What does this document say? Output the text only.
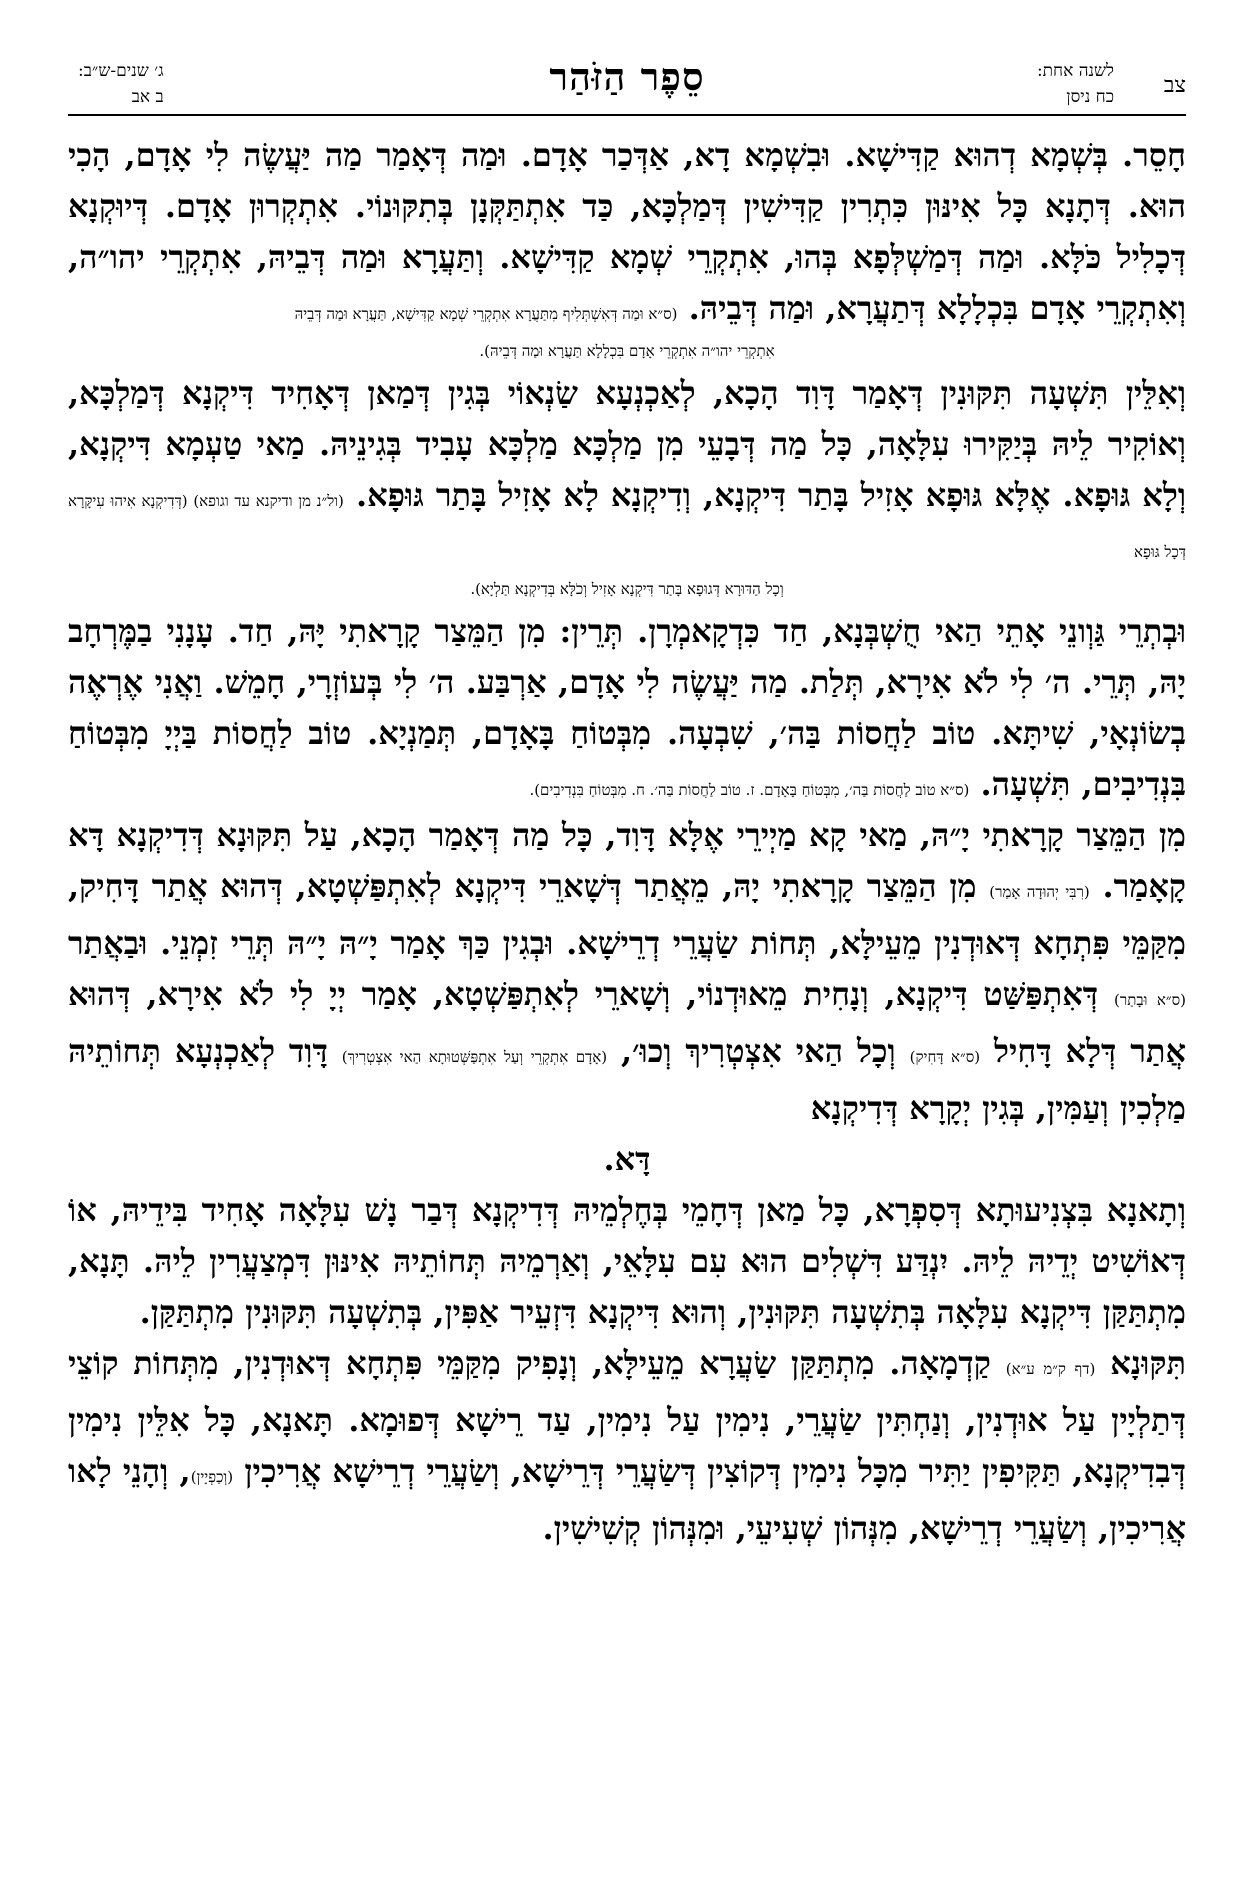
צב
לשנה אחת:
כח ניסן
סֵפֶר הַזֹּהַר
ג׳ שנים-ש״ב:
ב אב

חָסֵר. בְּשְׁמָא דְהוּא קַדִּישָׁא. וּבִשְׁמָא דָא, אַדְּכַר אָדָם. וּמַה דְּאָמַר מַה יַּעֲשֶׂה לִי אָדָם, הָכִי הוּא. דְּתָנָא כָּל אִינּוּן כִּתְרִין קַדִּישִׁין דְּמַלְכָּא, כַּד אִתְתַּקְּנָן בְּתִקּוּנוֹי. אִתְקְרוּן אָדָם. דְּיוּקְנָא דְּכָלִיל כֹּלָּא. וּמַה דְּמַשְׁלְּפָא בְּהוּ, אִתְקְרֵי שְׁמָא קַדִּישָׁא. וְתַּעֲרָא וּמַה דְּבֵיהּ, אִתְקְרֵי יהו״ה, וְאִתְקְרֵי אָדָם בִּכְלָלָא דְּתַעֲרָא, וּמַה דְּבֵיהּ. (ס״א וּמַה דְּאִשְׁתְּלִיף מִתַּעֲרָא אִתְקְרֵי שְׁמָא קַדִּישָׁא, תַּעֲרָא וּמַה דְּבֵיהּ

אִתְקְרֵי יהו״ה אִתְקְרֵי אָדָם בִּכְלָלָא תַּעֲרָא וּמַה דְּבֵיהּ).

וְאִלֵּין תִּשְׁעָה תִּקּוּנִין דְּאָמַר דָּוִד הָכָא, לְאַכְנְעָא שַׂנְאוֹי בְּגִין דְּמַאן דְּאָחִיד דִּיקְנָא דְּמַלְכָּא, וְאוֹקִיר לֵיהּ בְּיַקִּירוּ עִלָּאָה, כָּל מַה דְּבָעֵי מִן מַלְכָּא מַלְכָּא עָבִיד בְּגִינֵיהּ. מַאי טַעְמָא דִּיקְנָא, וְלָא גּוּפָא. אֶלָּא גּוּפָא אָזִיל בָּתַר דִּיקְנָא, וְדִיקְנָא לָא אָזִיל בָּתַר גּוּפָא. (ול״נ מן ודיקנא עד וגופא) (דְּדִיקְנָא אִיהוּ עִיקָּרָא דְּכָל גּוּפָא

וְכָל הַדּוּרָא דְּגוּפָא בָּתַר דִּיקְנָא אָזִיל וְכֹלָּא בְּדִיקְנָא תַּלְיָא).

וּבְתְרֵי גַּוְונֵי אָתֵי הַאי חֻשְׁבְּנָא, חַד כִּדְקָאמְרָן. תְּרֵין: מִן הַמֵּצַר קָרָאתִי יָּהּ, חַד. עָנָנִי בַמֶּרְחָב יָהּ, תְּרֵי. ה׳ לִי לֹא אִירָא, תְּלַת. מַה יַּעֲשֶׂה לִי אָדָם, אַרְבַּע. ה׳ לִי בְּעוֹזְרָי, חָמֵשׁ. וַאֲנִי אֶרְאֶה בְשׂוֹנְאָי, שִׁיתָּא. טוֹב לַחֲסוֹת בַּה׳, שִׁבְעָה. מִבְּטוֹחַ בָּאָדָם, תְּמַנְיָא. טוֹב לַחֲסוֹת בַּיְיָ מִבְּטוֹחַ בִּנְדִיבִים, תִּשְׁעָה. (ס״א טוֹב לַחֲסוֹת בַּה׳, מִבְּטוֹחַ בָּאָדָם. ז. טוֹב לַחֲסוֹת בַּה׳. ח. מִבְּטוֹחַ בִּנְדִיבִים).

מִן הַמֵּצַר קָרָאתִי יָ״הּ, מַאי קָא מַיְירֵי אֶלָּא דָּוִד, כָּל מַה דְּאָמַר הָכָא, עַל תִּקּוּנָא דְּדִיקְנָא דָּא קָאָמַר. (רִבִּי יְהוּדָה אָמַר) מִן הַמֵּצַר קָרָאתִי יָהּ, מֵאֲתַר דְּשָׁארֵי דִּיקְנָא לְאִתְפַּשְׁטָא, דְּהוּא אֲתַר דָּחִיק, מִקַּמֵּי פִּתְחָא דְּאוּדְנִין מֵעֵילָּא, תְּחוֹת שַׂעֲרֵי דְרֵישָׁא. וּבְגִין כַּךְ אָמַר יָ״הּ יָ״הּ תְּרֵי זִמְנֵי. וּבַאֲתַר (ס״א וּבָתַר) דְּאִתְפַּשַּׁט דִּיקְנָא, וְנָחִית מֵאוּדְנוֹי, וְשָׁארֵי לְאִתְפַּשְׁטָא, אָמַר יְיָ לִי לֹא אִירָא, דְּהוּא אֲתַר דְּלָא דָּחִיל (ס״א דָּחִיק) וְכָל הַאי אִצְטְרִיךְ וְכוּ׳, (אָדָם אִתְקְרֵי וְעַל אִתְפַּשְּׁטוּתָא הַאי אִצְטְרִיךְ) דָּוִד לְאַכְנְעָא תְּחוֹתֵיהּ מַלְכִין וְעַמִּין, בְּגִין יְקָרָא דְּדִיקְנָא

דָּא.

וְתָאנָא בִּצְנִיעוּתָא דְּסִפְרָא, כָּל מַאן דְּחָמֵי בְּחֶלְמֵיהּ דְּדִיקְנָא דְּבַר נָשׁ עִלָּאָה אָחִיד בִּידֵיהּ, אוֹ דְּאוֹשִׁיט יְדֵיהּ לֵיהּ. יִנְדַּע דִּשְׁלִים הוּא עִם עִלָּאֵי, וְאַרְמֵיהּ תְּחוֹתֵיהּ אִינּוּן דִּמְצַעֲרִין לֵיהּ. תָּנָא, מִתְתַּקַּן דִּיקְנָא עִלָּאָה בְּתִשְׁעָה תִּקּוּנִין, וְהוּא דִּיקְנָא דִּזְעֵיר אַפִּין, בְּתִשְׁעָה תִּקּוּנִין מִתְתַּקַּן.

תִּקּוּנָא (דף ק״מ ע״א) קַדְמָאָה. מִתְתַּקַּן שַׂעֲרָא מֵעֵילָּא, וְנָפִיק מִקַּמֵּי פִּתְחָא דְּאוּדְנִין, מִתְּחוֹת קוֹצֵי דְּתַלְיָין עַל אוּדְנִין, וְנַחְתִּין שַׂעֲרֵי, נִימִין עַל נִימִין, עַד רֵישָׁא דְּפוּמָא. תָּאנָא, כָּל אִלֵּין נִימִין דְּבִדִיקְנָא, תַּקִּיפִין יַתִּיר מִכָּל נִימִין דְּקוֹצִין דְּשַׂעֲרֵי דְּרֵישָׁא, וְשַׂעֲרֵי דְרֵישָׁא אֲרִיכִין (וְכַפְיָין), וְהָנֵי לָאו אֲרִיכִין, וְשַׂעֲרֵי דְרֵישָׁא, מִנְּהוֹן שְׁעִיעֵי, וּמִנְּהוֹן קְשִׁישִׁין.
